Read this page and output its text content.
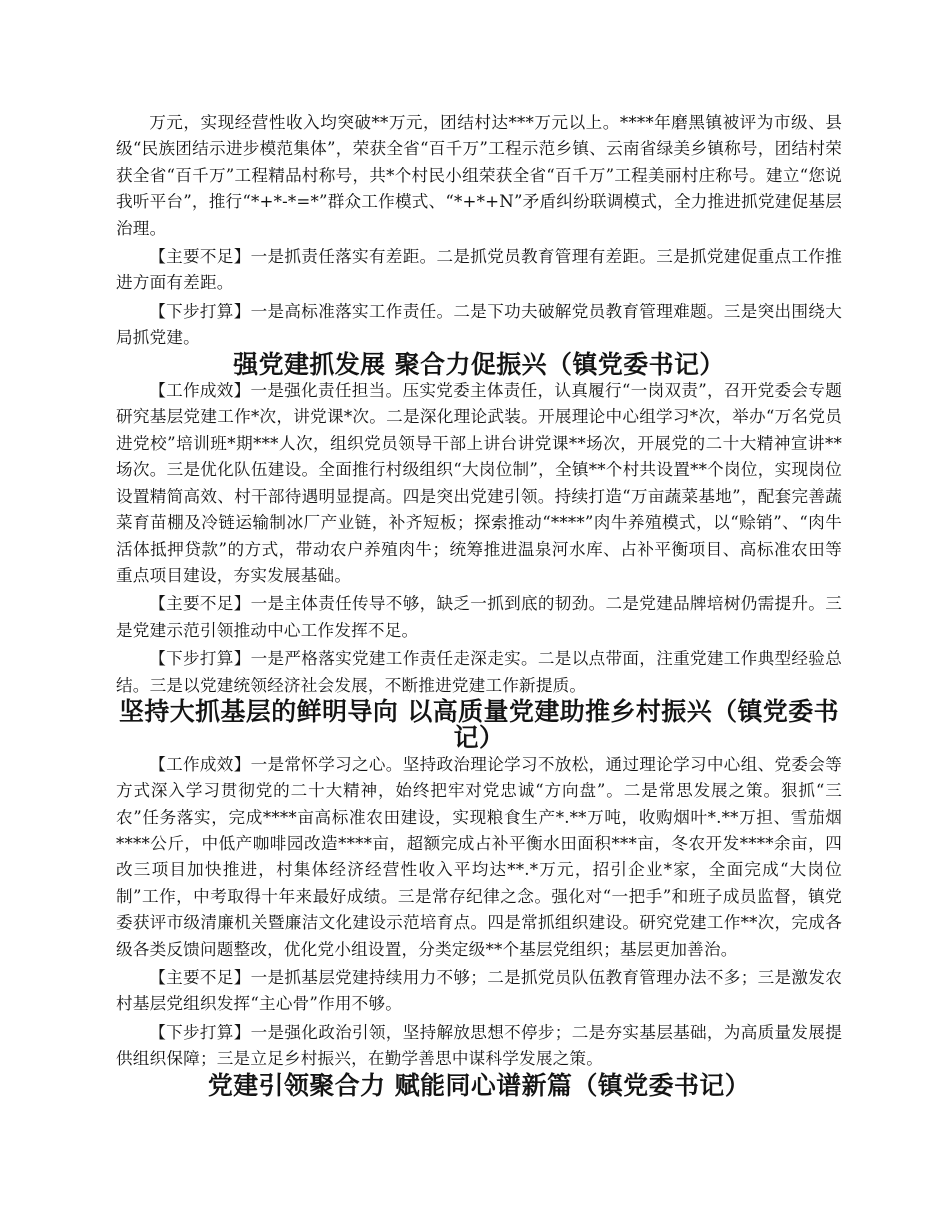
万元，实现经营性收入均突破**万元，团结村达***万元以上。****年磨黑镇被评为市级、县级“民族团结示进步模范集体”，荣获全省“百千万”工程示范乡镇、云南省绿美乡镇称号，团结村荣获全省“百千万”工程精品村称号，共*个村民小组荣获全省“百千万”工程美丽村庄称号。建立“您说我听平台”，推行“*+*-*=*”群众工作模式、“*+*+N”矛盾纠纷联调模式，全力推进抓党建促基层治理。

【主要不足】一是抓责任落实有差距。二是抓党员教育管理有差距。三是抓党建促重点工作推进方面有差距。

【下步打算】一是高标准落实工作责任。二是下功夫破解党员教育管理难题。三是突出围绕大局抓党建。

强党建抓发展 聚合力促振兴（镇党委书记）

【工作成效】一是强化责任担当。压实党委主体责任，认真履行“一岗双责”，召开党委会专题研究基层党建工作*次，讲党课*次。二是深化理论武装。开展理论中心组学习*次，举办“万名党员进党校”培训班*期***人次，组织党员领导干部上讲台讲党课**场次，开展党的二十大精神宣讲**场次。三是优化队伍建设。全面推行村级组织“大岗位制”，全镇**个村共设置**个岗位，实现岗位设置精简高效、村干部待遇明显提高。四是突出党建引领。持续打造“万亩蔬菜基地”，配套完善蔬菜育苗棚及冷链运输制冰厂产业链，补齐短板；探索推动“****”肉牛养殖模式，以“赊销”、“肉牛活体抵押贷款”的方式，带动农户养殖肉牛；统筹推进温泉河水库、占补平衡项目、高标准农田等重点项目建设，夯实发展基础。

【主要不足】一是主体责任传导不够，缺乏一抓到底的韧劲。二是党建品牌培树仍需提升。三是党建示范引领推动中心工作发挥不足。

【下步打算】一是严格落实党建工作责任走深走实。二是以点带面，注重党建工作典型经验总结。三是以党建统领经济社会发展，不断推进党建工作新提质。

坚持大抓基层的鲜明导向 以高质量党建助推乡村振兴（镇党委书记）

【工作成效】一是常怀学习之心。坚持政治理论学习不放松，通过理论学习中心组、党委会等方式深入学习贯彻党的二十大精神，始终把牢对党忠诚“方向盘”。二是常思发展之策。狠抓“三农”任务落实，完成****亩高标准农田建设，实现粮食生产*.**万吨，收购烟叶*.**万担、雪茄烟****公斤，中低产咖啡园改造****亩，超额完成占补平衡水田面积***亩，冬农开发****余亩，四改三项目加快推进，村集体经济经营性收入平均达**.*万元，招引企业*家，全面完成“大岗位制”工作，中考取得十年来最好成绩。三是常存纪律之念。强化对“一把手”和班子成员监督，镇党委获评市级清廉机关暨廉洁文化建设示范培育点。四是常抓组织建设。研究党建工作**次，完成各级各类反馈问题整改，优化党小组设置，分类定级**个基层党组织；基层更加善治。

【主要不足】一是抓基层党建持续用力不够；二是抓党员队伍教育管理办法不多；三是激发农村基层党组织发挥“主心骨”作用不够。

【下步打算】一是强化政治引领，坚持解放思想不停步；二是夯实基层基础，为高质量发展提供组织保障；三是立足乡村振兴，在勤学善思中谋科学发展之策。

党建引领聚合力 赋能同心谱新篇（镇党委书记）
